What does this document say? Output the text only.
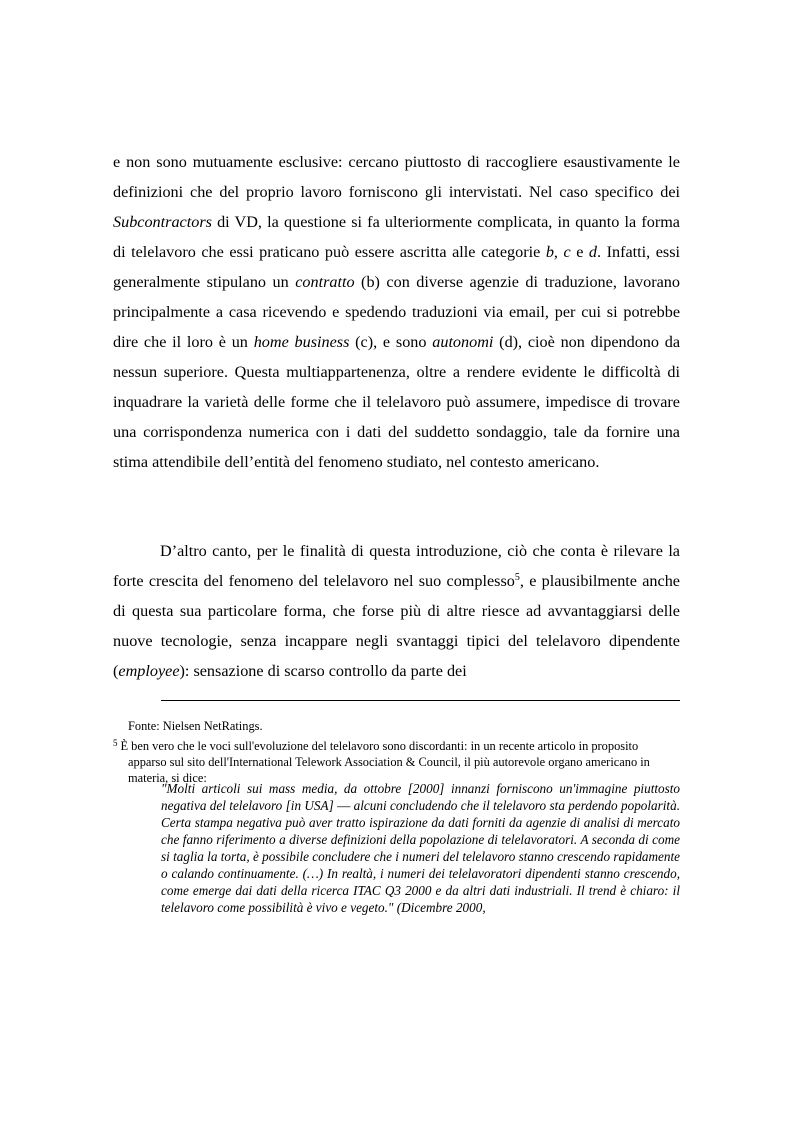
e non sono mutuamente esclusive: cercano piuttosto di raccogliere esaustivamente le definizioni che del proprio lavoro forniscono gli intervistati. Nel caso specifico dei Subcontractors di VD, la questione si fa ulteriormente complicata, in quanto la forma di telelavoro che essi praticano può essere ascritta alle categorie b, c e d. Infatti, essi generalmente stipulano un contratto (b) con diverse agenzie di traduzione, lavorano principalmente a casa ricevendo e spedendo traduzioni via email, per cui si potrebbe dire che il loro è un home business (c), e sono autonomi (d), cioè non dipendono da nessun superiore. Questa multiappartenenza, oltre a rendere evidente le difficoltà di inquadrare la varietà delle forme che il telelavoro può assumere, impedisce di trovare una corrispondenza numerica con i dati del suddetto sondaggio, tale da fornire una stima attendibile dell’entità del fenomeno studiato, nel contesto americano.
D’altro canto, per le finalità di questa introduzione, ciò che conta è rilevare la forte crescita del fenomeno del telelavoro nel suo complesso$^5$, e plausibilmente anche di questa sua particolare forma, che forse più di altre riesce ad avvantaggiarsi delle nuove tecnologie, senza incappare negli svantaggi tipici del telelavoro dipendente (employee): sensazione di scarso controllo da parte dei
Fonte: Nielsen NetRatings.
$^5$ È ben vero che le voci sull'evoluzione del telelavoro sono discordanti: in un recente articolo in proposito
apparso sul sito dell'International Telework Association & Council, il più autorevole organo americano in materia, si dice:
"Molti articoli sui mass media, da ottobre [2000] innanzi forniscono un'immagine piuttosto negativa del telelavoro [in USA] — alcuni concludendo che il telelavoro sta perdendo popolarità. Certa stampa negativa può aver tratto ispirazione da dati forniti da agenzie di analisi di mercato che fanno riferimento a diverse definizioni della popolazione di telelavoratori. A seconda di come si taglia la torta, è possibile concludere che i numeri del telelavoro stanno crescendo rapidamente o calando continuamente. (…) In realtà, i numeri dei telelavoratori dipendenti stanno crescendo, come emerge dai dati della ricerca ITAC Q3 2000 e da altri dati industriali. Il trend è chiaro: il telelavoro come possibilità è vivo e vegeto." (Dicembre 2000,
